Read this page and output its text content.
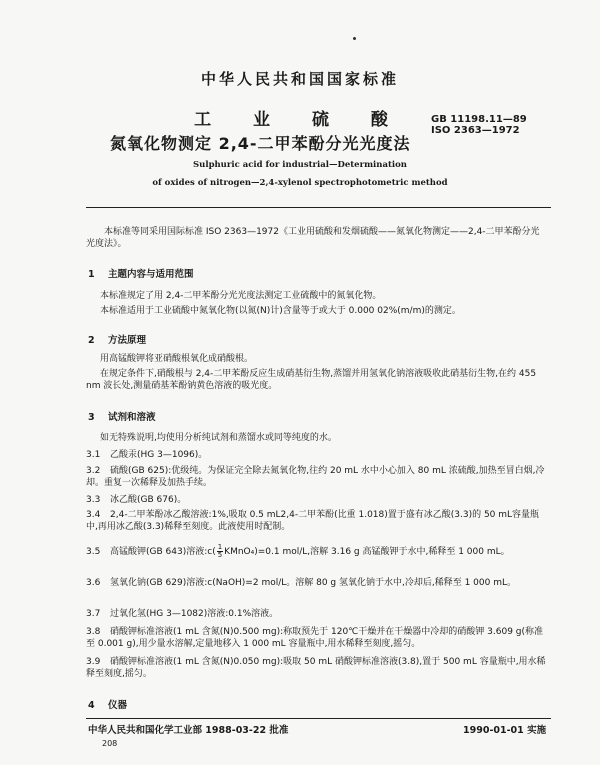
中华人民共和国国家标准
工 业 硫 酸
氮氧化物测定 2,4-二甲苯酚分光光度法
GB 11198.11—89
ISO 2363—1972
Sulphuric acid for industrial—Determination
of oxides of nitrogen—2,4-xylenol spectrophotometric method
本标准等同采用国际标准 ISO 2363—1972《工业用硫酸和发烟硫酸——氮氧化物测定——2,4-二甲苯酚分光光度法》。
1 主题内容与适用范围
本标准规定了用 2,4-二甲苯酚分光光度法测定工业硫酸中的氮氧化物。
本标准适用于工业硫酸中氮氧化物(以氮(N)计)含量等于或大于 0.000 02%(m/m)的测定。
2 方法原理
用高锰酸钾将亚硝酸根氧化成硝酸根。
在规定条件下,硝酸根与 2,4-二甲苯酚反应生成硝基衍生物,蒸馏并用氢氧化钠溶液吸收此硝基衍生物,在约 455 nm 波长处,测量硝基苯酚钠黄色溶液的吸光度。
3 试剂和溶液
如无特殊说明,均使用分析纯试剂和蒸馏水或同等纯度的水。
3.1 乙酸汞(HG 3—1096)。
3.2 硫酸(GB 625):优级纯。为保证完全除去氮氧化物,往约 20 mL 水中小心加入 80 mL 浓硫酸,加热至冒白烟,冷却。重复一次稀释及加热手续。
3.3 冰乙酸(GB 676)。
3.4 2,4-二甲苯酚冰乙酸溶液:1%,吸取 0.5 mL2,4-二甲苯酚(比重 1.018)置于盛有冰乙酸(3.3)的 50 mL容量瓶中,再用冰乙酸(3.3)稀释至刻度。此液使用时配制。
3.5 高锰酸钾(GB 643)溶液:c( $\frac{1}{5}$ KMnO₄)=0.1 mol/L,溶解 3.16 g 高锰酸钾于水中,稀释至 1 000 mL。
3.6 氢氧化钠(GB 629)溶液:c(NaOH)=2 mol/L。溶解 80 g 氢氧化钠于水中,冷却后,稀释至 1 000 mL。
3.7 过氧化氢(HG 3—1082)溶液:0.1%溶液。
3.8 硝酸钾标准溶液(1 mL 含氮(N)0.500 mg):称取预先于 120℃干燥并在干燥器中冷却的硝酸钾 3.609 g(称准至 0.001 g),用少量水溶解,定量地移入 1 000 mL 容量瓶中,用水稀释至刻度,摇匀。
3.9 硝酸钾标准溶液(1 mL 含氮(N)0.050 mg):吸取 50 mL 硝酸钾标准溶液(3.8),置于 500 mL 容量瓶中,用水稀释至刻度,摇匀。
4 仪器
中华人民共和国化学工业部 1988-03-22 批准	1990-01-01 实施
208
